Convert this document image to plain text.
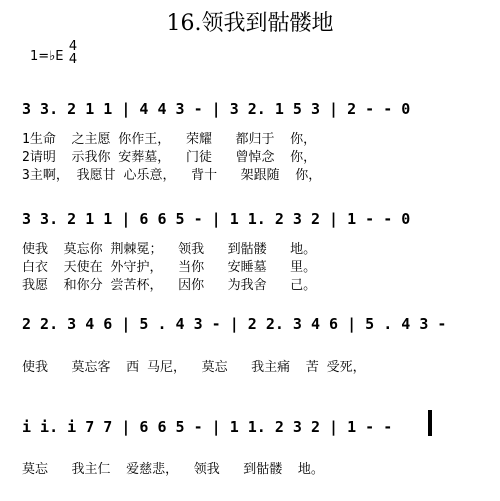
16.领我到骷髅地
1=♭E
4
4
3 3. 2 1 1 | 4 4 3 - | 3 2. 1 5 3 | 2 - - 0
1生命  之主愿 你作王，  荣耀   都归于  你，
2请明  示我你 安葬墓，  门徒   曾悼念  你，
3主啊， 我愿甘 心乐意，  背十   架跟随  你，
3 3. 2 1 1 | 6 6 5 - | 1 1. 2 3 2 | 1 - - 0
使我  莫忘你 荆棘冕；  领我   到骷髅   地。
白衣  天使在 外守护，  当你   安睡墓   里。
我愿  和你分 尝苦杯，  因你   为我舍   己。
2 2. 3 4 6 | 5 . 4 3 - | 2 2. 3 4 6 | 5 . 4 3 -
使我   莫忘客  西 马尼，  莫忘   我主痛  苦 受死，
i i. i 7 7 | 6 6 5 - | 1 1. 2 3 2 | 1 - -
莫忘   我主仁  爱慈悲，  领我   到骷髅  地。
